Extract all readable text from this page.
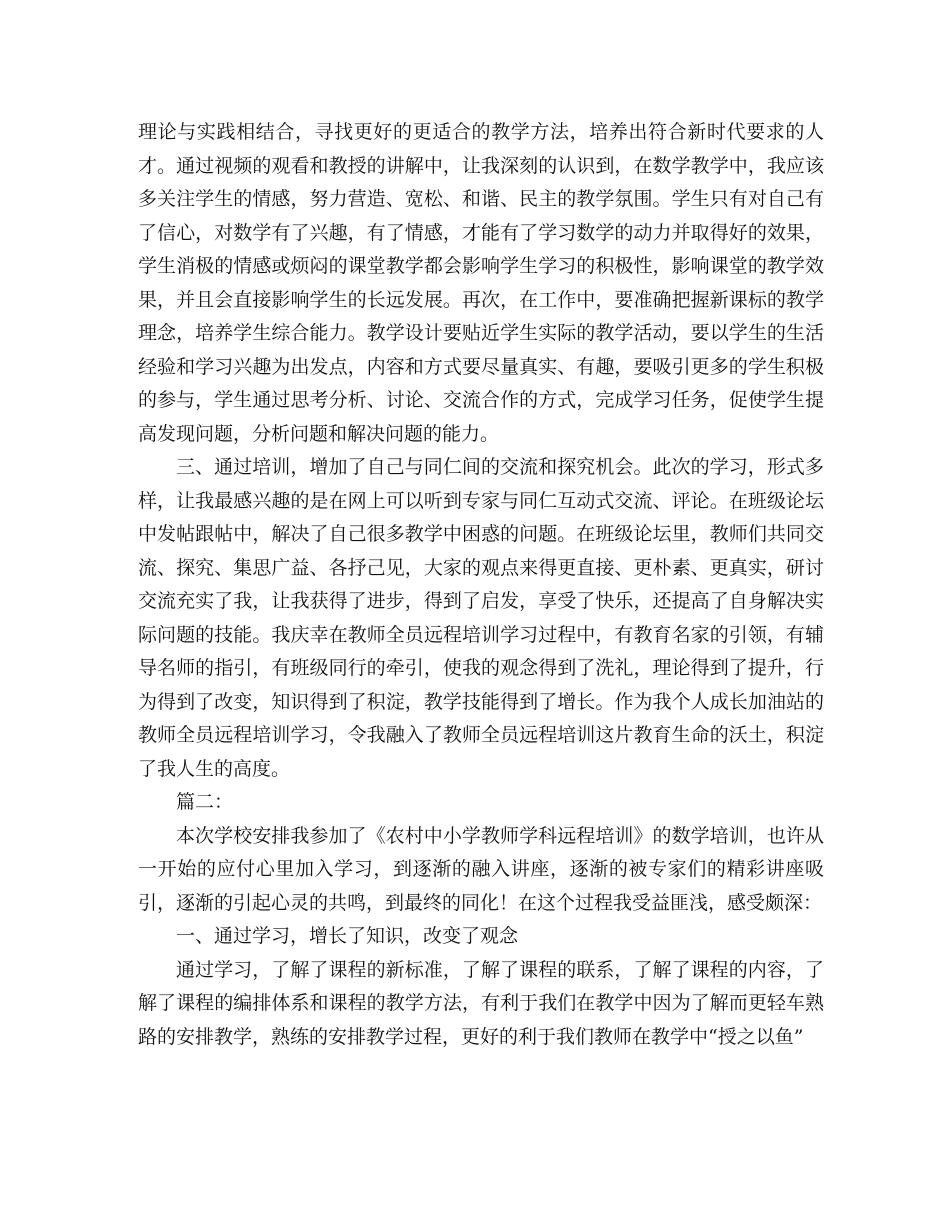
理论与实践相结合，寻找更好的更适合的教学方法，培养出符合新时代要求的人才。通过视频的观看和教授的讲解中，让我深刻的认识到，在数学教学中，我应该多关注学生的情感，努力营造、宽松、和谐、民主的教学氛围。学生只有对自己有了信心，对数学有了兴趣，有了情感，才能有了学习数学的动力并取得好的效果，学生消极的情感或烦闷的课堂教学都会影响学生学习的积极性，影响课堂的教学效果，并且会直接影响学生的长远发展。再次，在工作中，要准确把握新课标的教学理念，培养学生综合能力。教学设计要贴近学生实际的教学活动，要以学生的生活经验和学习兴趣为出发点，内容和方式要尽量真实、有趣，要吸引更多的学生积极的参与，学生通过思考分析、讨论、交流合作的方式，完成学习任务，促使学生提高发现问题，分析问题和解决问题的能力。

三、通过培训，增加了自己与同仁间的交流和探究机会。此次的学习，形式多样，让我最感兴趣的是在网上可以听到专家与同仁互动式交流、评论。在班级论坛中发帖跟帖中，解决了自己很多教学中困惑的问题。在班级论坛里，教师们共同交流、探究、集思广益、各抒己见，大家的观点来得更直接、更朴素、更真实，研讨交流充实了我，让我获得了进步，得到了启发，享受了快乐，还提高了自身解决实际问题的技能。我庆幸在教师全员远程培训学习过程中，有教育名家的引领，有辅导名师的指引，有班级同行的牵引，使我的观念得到了洗礼，理论得到了提升，行为得到了改变，知识得到了积淀，教学技能得到了增长。作为我个人成长加油站的教师全员远程培训学习，令我融入了教师全员远程培训这片教育生命的沃土，积淀了我人生的高度。

篇二：

本次学校安排我参加了《农村中小学教师学科远程培训》的数学培训，也许从一开始的应付心里加入学习，到逐渐的融入讲座，逐渐的被专家们的精彩讲座吸引，逐渐的引起心灵的共鸣，到最终的同化！在这个过程我受益匪浅，感受颇深：

一、通过学习，增长了知识，改变了观念

通过学习，了解了课程的新标准，了解了课程的联系，了解了课程的内容，了解了课程的编排体系和课程的教学方法，有利于我们在教学中因为了解而更轻车熟路的安排教学，熟练的安排教学过程，更好的利于我们教师在教学中“授之以鱼”
